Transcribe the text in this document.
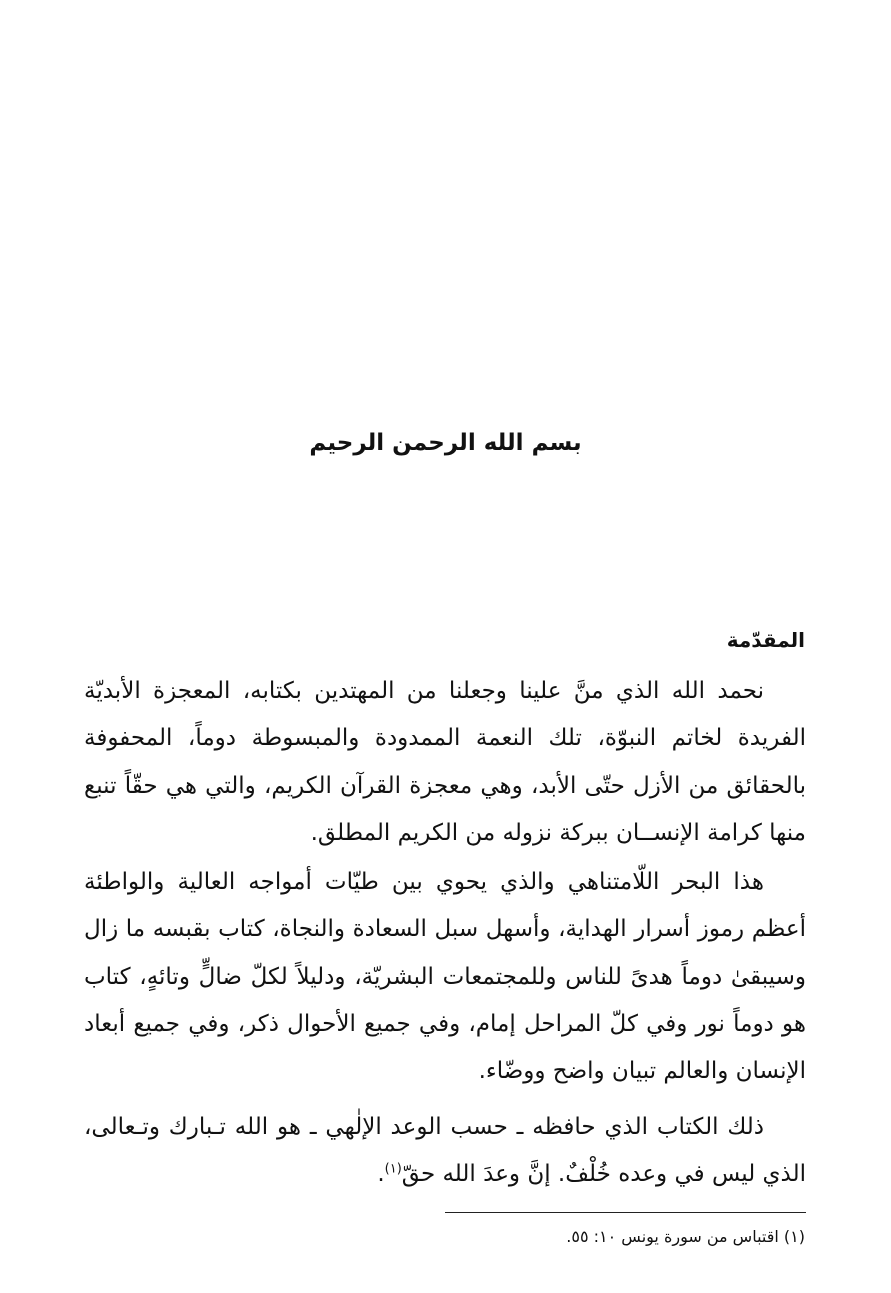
بسم الله الرحمن الرحيم
المقدّمة

نحمد الله الذي منَّ علينا وجعلنا من المهتدين بكتابه، المعجزة الأبديّة الفريدة لخاتم النبوّة، تلك النعمة الممدودة والمبسوطة دوماً، المحفوفة بالحقائق من الأزل حتّى الأبد، وهي معجزة القرآن الكريم، والتي هي حقّاً تنبع منها كرامة الإنســان ببركة نزوله من الكريم المطلق.

هذا البحر اللّامتناهي والذي يحوي بين طيّات أمواجه العالية والواطئة أعظم رموز أسرار الهداية، وأسهل سبل السعادة والنجاة، كتاب بقبسه ما زال وسيبقىٰ دوماً هدىً للناس وللمجتمعات البشريّة، ودليلاً لكلّ ضالٍّ وتائهٍ، كتاب هو دوماً نور وفي كلّ المراحل إمام، وفي جميع الأحوال ذكر، وفي جميع أبعاد الإنسان والعالم تبيان واضح ووضّاء.

ذلك الكتاب الذي حافظه ـ حسب الوعد الإلٰهي ـ هو الله تـبارك وتـعالى، الذي ليس في وعده خُلْفٌ. إنَّ وعدَ الله حقّ$^{(١)}$.

(١) اقتباس من سورة يونس ١٠: ٥٥.
